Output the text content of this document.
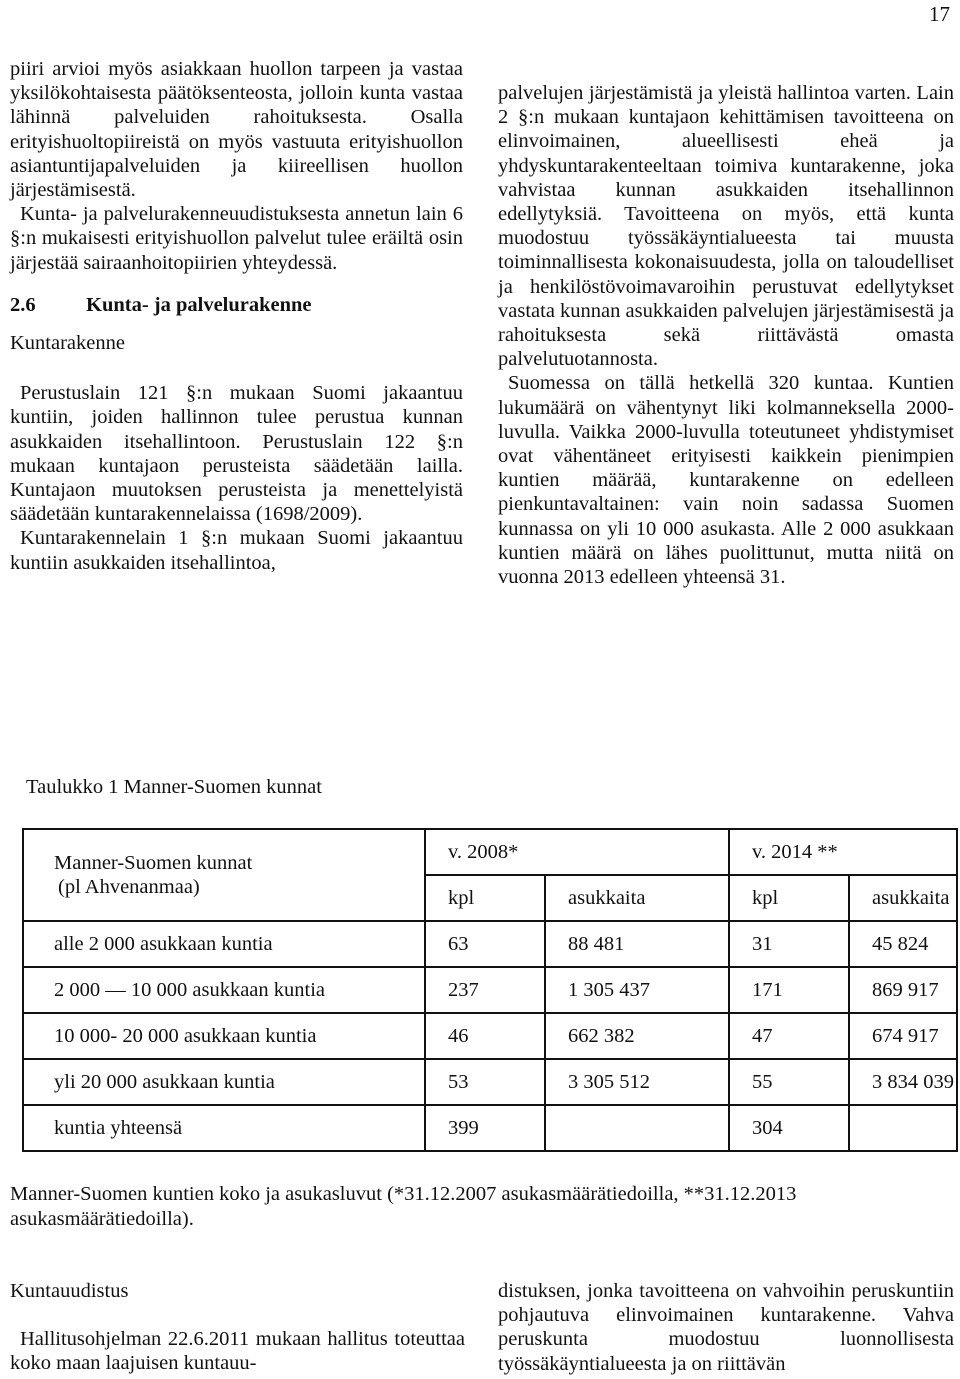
17

piiri arvioi myös asiakkaan huollon tarpeen ja vastaa yksilökohtaisesta päätöksenteosta, jolloin kunta vastaa lähinnä palveluiden rahoituksesta. Osalla erityishuoltopiireistä on myös vastuuta erityishuollon asiantuntijapalveluiden ja kiireellisen huollon järjestämisestä.

Kunta- ja palvelurakenneuudistuksesta annetun lain 6 §:n mukaisesti erityishuollon palvelut tulee eräiltä osin järjestää sairaanhoitopiirien yhteydessä.

2.6	Kunta- ja palvelurakenne

Kuntarakenne

Perustuslain 121 §:n mukaan Suomi jakaantuu kuntiin, joiden hallinnon tulee perustua kunnan asukkaiden itsehallintoon. Perustuslain 122 §:n mukaan kuntajaon perusteista säädetään lailla. Kuntajaon muutoksen perusteista ja menettelyistä säädetään kuntarakennelaissa (1698/2009).

Kuntarakennelain 1 §:n mukaan Suomi jakaantuu kuntiin asukkaiden itsehallintoa,

palvelujen järjestämistä ja yleistä hallintoa varten. Lain 2 §:n mukaan kuntajaon kehittämisen tavoitteena on elinvoimainen, alueellisesti eheä ja yhdyskuntarakenteeltaan toimiva kuntarakenne, joka vahvistaa kunnan asukkaiden itsehallinnon edellytyksiä. Tavoitteena on myös, että kunta muodostuu työssäkäyntialueesta tai muusta toiminnallisesta kokonaisuudesta, jolla on taloudelliset ja henkilöstövoimavaroihin perustuvat edellytykset vastata kunnan asukkaiden palvelujen järjestämisestä ja rahoituksesta sekä riittävästä omasta palvelutuotannosta.

Suomessa on tällä hetkellä 320 kuntaa. Kuntien lukumäärä on vähentynyt liki kolmanneksella 2000-luvulla. Vaikka 2000-luvulla toteutuneet yhdistymiset ovat vähentäneet erityisesti kaikkein pienimpien kuntien määrää, kuntarakenne on edelleen pienkuntavaltainen: vain noin sadassa Suomen kunnassa on yli 10 000 asukasta. Alle 2 000 asukkaan kuntien määrä on lähes puolittunut, mutta niitä on vuonna 2013 edelleen yhteensä 31.

Taulukko 1 Manner-Suomen kunnat
Manner-Suomen kunnat
(pl Ahvenanmaa)	v. 2008*		v. 2014 **	
	kpl	asukkaita	kpl	asukkaita
alle 2 000 asukkaan kuntia	63	88 481	31	45 824
2 000 — 10 000 asukkaan kuntia	237	1 305 437	171	869 917
10 000- 20 000 asukkaan kuntia	46	662 382	47	674 917
yli 20 000 asukkaan kuntia	53	3 305 512	55	3 834 039
kuntia yhteensä	399		304	
Manner-Suomen kuntien koko ja asukasluvut (*31.12.2007 asukasmäärätiedoilla, **31.12.2013 asukasmäärätiedoilla).

Kuntauudistus

Hallitusohjelman 22.6.2011 mukaan hallitus toteuttaa koko maan laajuisen kuntauu-

distuksen, jonka tavoitteena on vahvoihin peruskuntiin pohjautuva elinvoimainen kuntarakenne. Vahva peruskunta muodostuu luonnollisesta työssäkäyntialueesta ja on riittävän
